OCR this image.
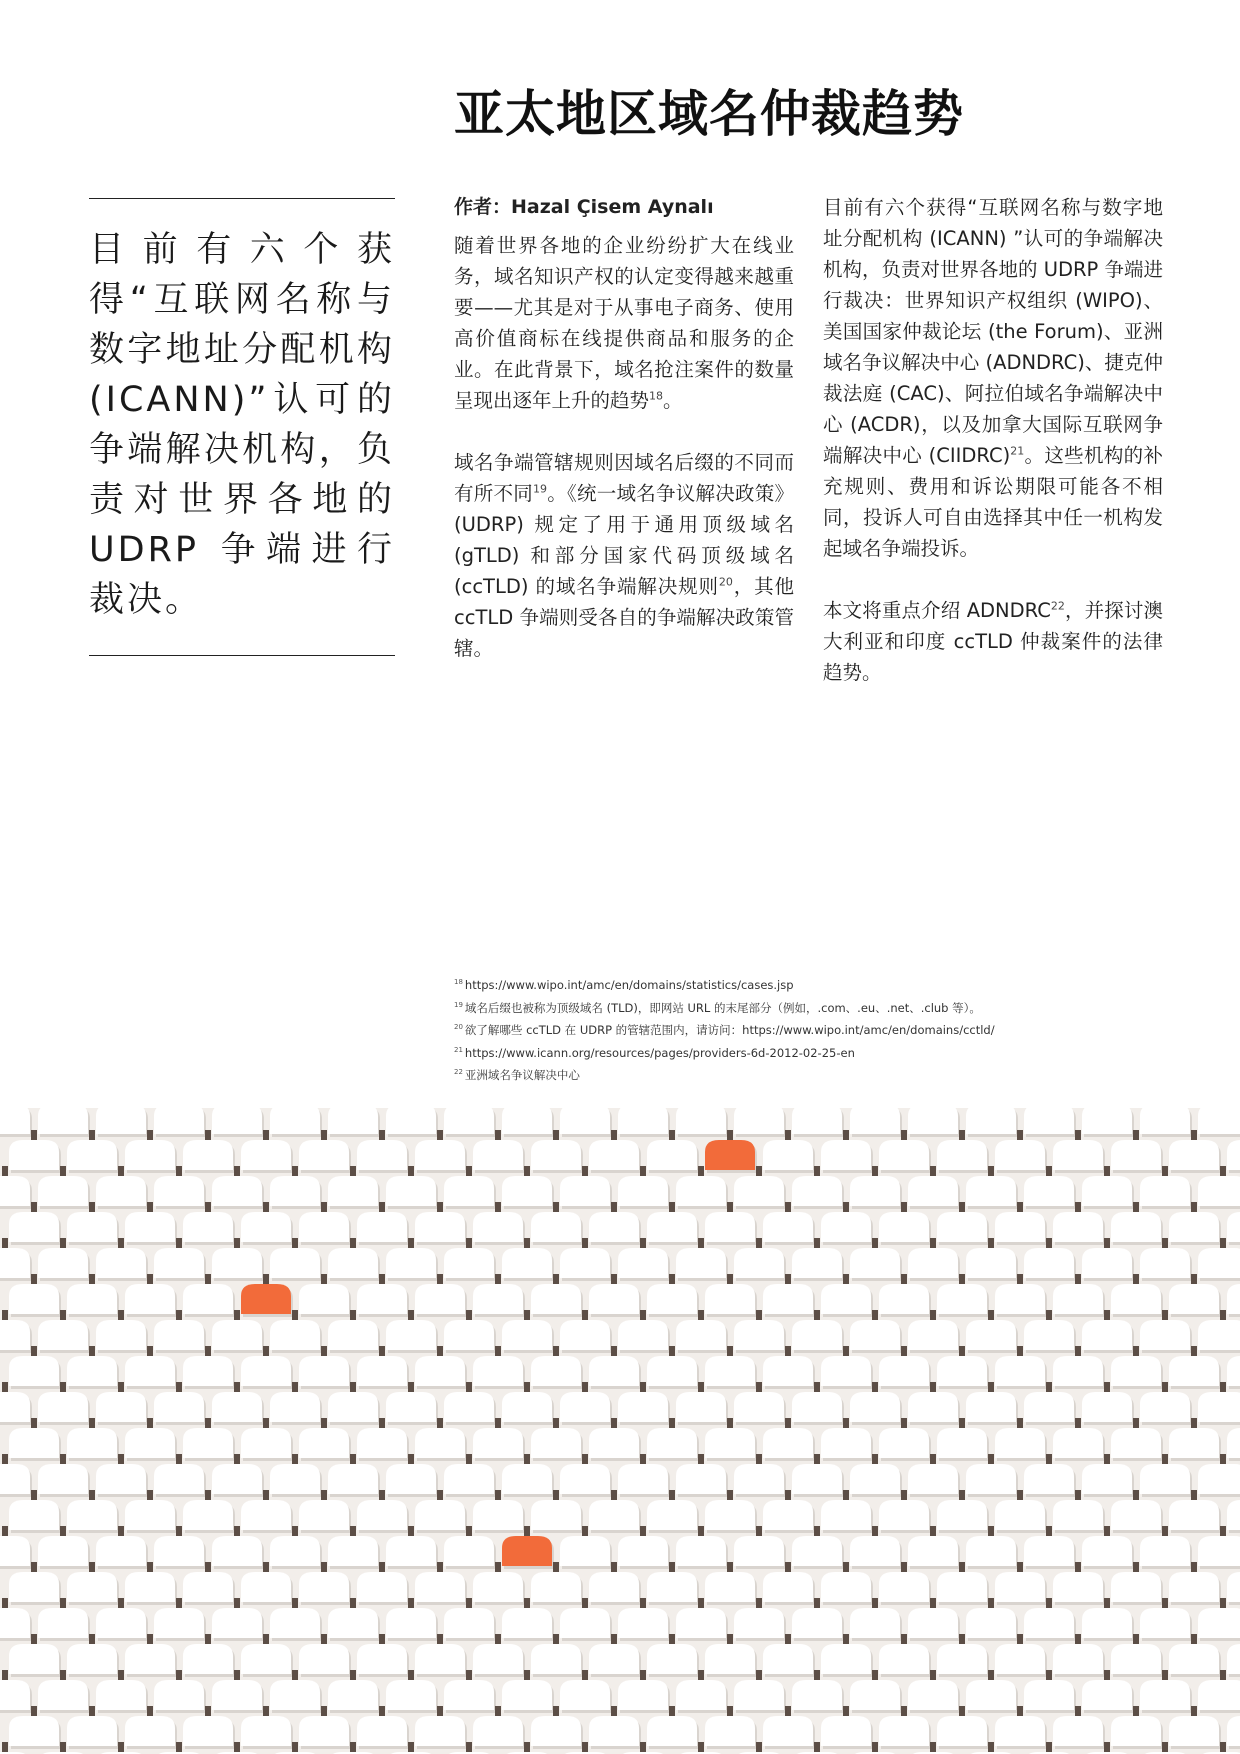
亚太地区域名仲裁趋势

目前有六个获得“互联网名称与数字地址分配机构(ICANN)”认可的争端解决机构，负责对世界各地的 UDRP 争端进行裁决。

作者：Hazal Çisem Aynalı

随着世界各地的企业纷纷扩大在线业务，域名知识产权的认定变得越来越重要——尤其是对于从事电子商务、使用高价值商标在线提供商品和服务的企业。在此背景下，域名抢注案件的数量呈现出逐年上升的趋势$^{18}$。

域名争端管辖规则因域名后缀的不同而有所不同$^{19}$。《统一域名争议解决政策》 (UDRP) 规定了用于通用顶级域名 (gTLD) 和部分国家代码顶级域名 (ccTLD) 的域名争端解决规则$^{20}$，其他 ccTLD 争端则受各自的争端解决政策管辖。

目前有六个获得“互联网名称与数字地址分配机构 (ICANN) ”认可的争端解决机构，负责对世界各地的 UDRP 争端进行裁决：世界知识产权组织 (WIPO)、美国国家仲裁论坛 (the Forum)、亚洲域名争议解决中心 (ADNDRC)、捷克仲裁法庭 (CAC)、阿拉伯域名争端解决中心 (ACDR)，以及加拿大国际互联网争端解决中心 (CIIDRC)$^{21}$。这些机构的补充规则、费用和诉讼期限可能各不相同，投诉人可自由选择其中任一机构发起域名争端投诉。

本文将重点介绍 ADNDRC$^{22}$，并探讨澳大利亚和印度 ccTLD 仲裁案件的法律趋势。

$^{18}$ https://www.wipo.int/amc/en/domains/statistics/cases.jsp
$^{19}$ 域名后缀也被称为顶级域名 (TLD)，即网站 URL 的末尾部分（例如，.com、.eu、.net、.club 等）。
$^{20}$ 欲了解哪些 ccTLD 在 UDRP 的管辖范围内，请访问：https://www.wipo.int/amc/en/domains/cctld/
$^{21}$ https://www.icann.org/resources/pages/providers-6d-2012-02-25-en
$^{22}$ 亚洲域名争议解决中心
